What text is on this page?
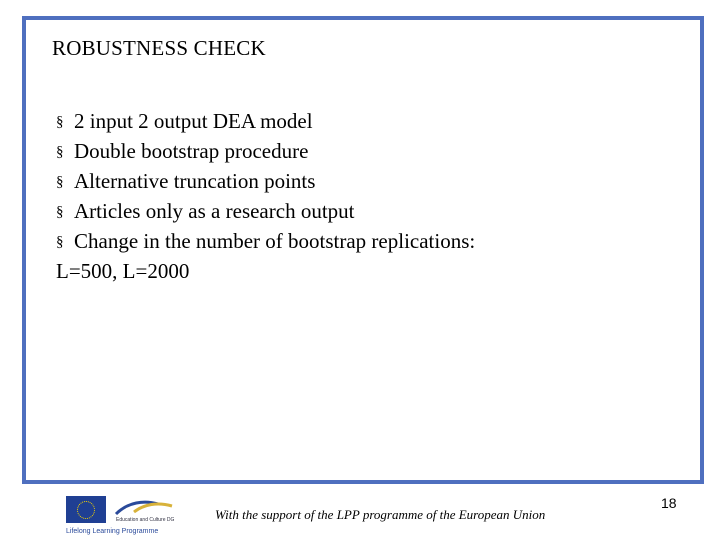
ROBUSTNESS CHECK
§ 2 input 2 output DEA model
§ Double bootstrap procedure
§ Alternative truncation points
§ Articles only as a research output
§ Change in the number of bootstrap replications:
L=500, L=2000
Education and Culture DG
Lifelong Learning Programme
With the support of the LPP programme of the European Union
18
